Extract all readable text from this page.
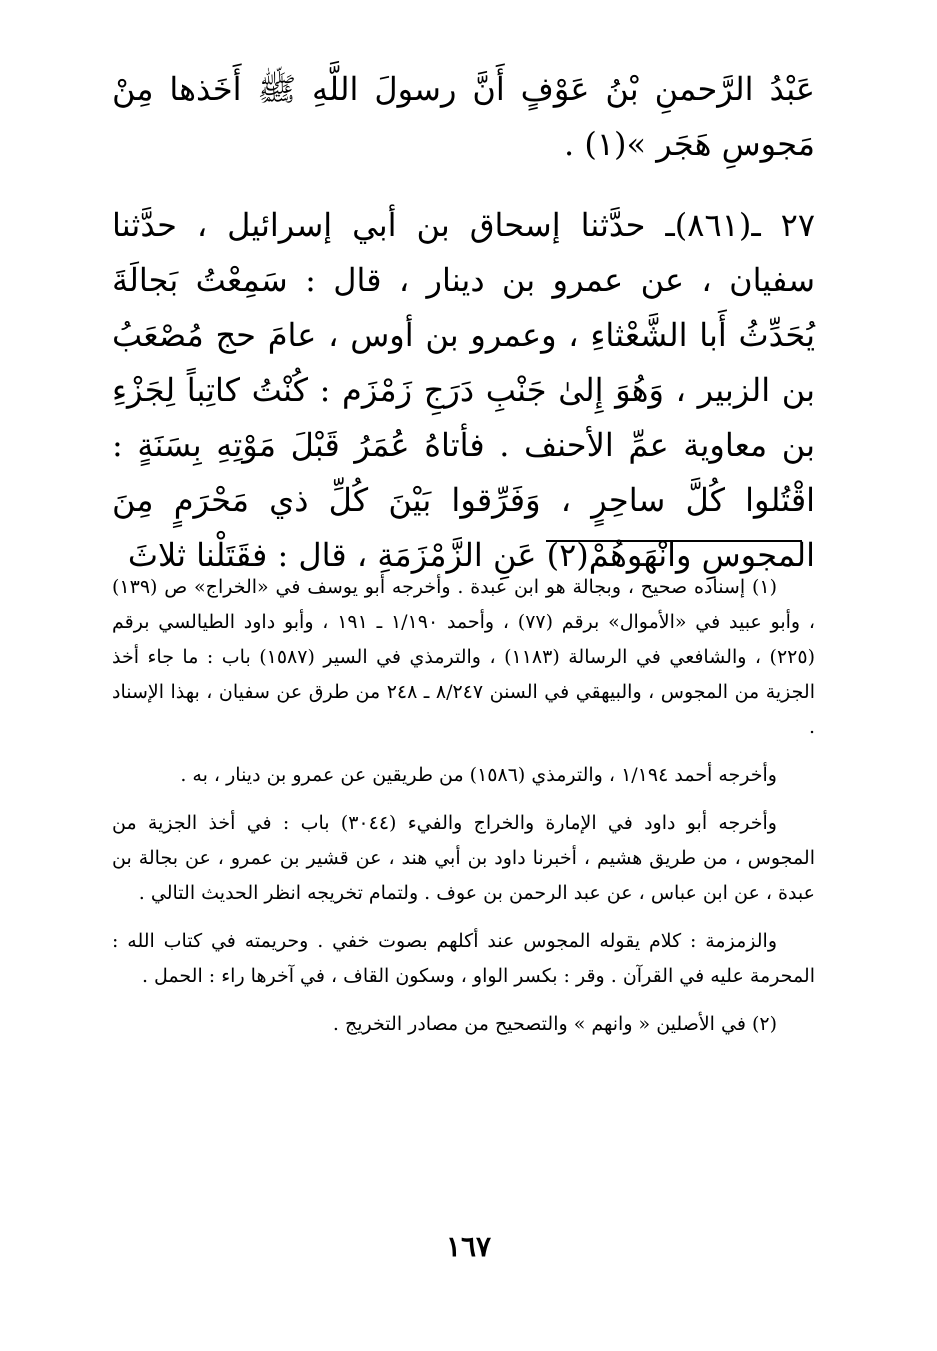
عَبْدُ الرَّحمنِ بْنُ عَوْفٍ أَنَّ رسولَ اللَّهِ ﷺ أَخَذها مِنْ مَجوسِ هَجَر »(١) .

٢٧ ـ(٨٦١)ـ حدَّثنا إسحاق بن أبي إسرائيل ، حدَّثنا سفيان ، عن عمرو بن دينار ، قال : سَمِعْتُ بَجالَةَ يُحَدِّثُ أَبا الشَّعْثاءِ ، وعمرو بن أوس ، عامَ حج مُصْعَبُ بن الزبير ، وَهُوَ إِلىٰ جَنْبِ دَرَجِ زَمْزَم : كُنْتُ كاتِباً لِجَزْءِ بن معاوية عمِّ الأحنف . فأتاهُ عُمَرُ قَبْلَ مَوْتِهِ بِسَنَةٍ : اقْتُلوا كُلَّ ساحِرٍ ، وَفَرِّقوا بَيْنَ كُلِّ ذي مَحْرَمٍ مِنَ المجوسِ وانْهَوهُمْ(٢) عَنِ الزَّمْزَمَةِ ، قال : فقَتَلْنا ثلاثَ

(١) إسناده صحيح ، وبجالة هو ابن عبدة . وأخرجه أبو يوسف في «الخراج» ص (١٣٩) ، وأبو عبيد في «الأموال» برقم (٧٧) ، وأحمد ١/١٩٠ ـ ١٩١ ، وأبو داود الطيالسي برقم (٢٢٥) ، والشافعي في الرسالة (١١٨٣) ، والترمذي في السير (١٥٨٧) باب : ما جاء أخذ الجزية من المجوس ، والبيهقي في السنن ٨/٢٤٧ ـ ٢٤٨ من طرق عن سفيان ، بهذا الإسناد .

وأخرجه أحمد ١/١٩٤ ، والترمذي (١٥٨٦) من طريقين عن عمرو بن دينار ، به .

وأخرجه أبو داود في الإمارة والخراج والفيء (٣٠٤٤) باب : في أخذ الجزية من المجوس ، من طريق هشيم ، أخبرنا داود بن أبي هند ، عن قشير بن عمرو ، عن بجالة بن عبدة ، عن ابن عباس ، عن عبد الرحمن بن عوف . ولتمام تخريجه انظر الحديث التالي .

والزمزمة : كلام يقوله المجوس عند أكلهم بصوت خفي . وحريمته في كتاب الله : المحرمة عليه في القرآن . وقر : بكسر الواو ، وسكون القاف ، في آخرها راء : الحمل .

(٢) في الأصلين « وانهم » والتصحيح من مصادر التخريج .

١٦٧
